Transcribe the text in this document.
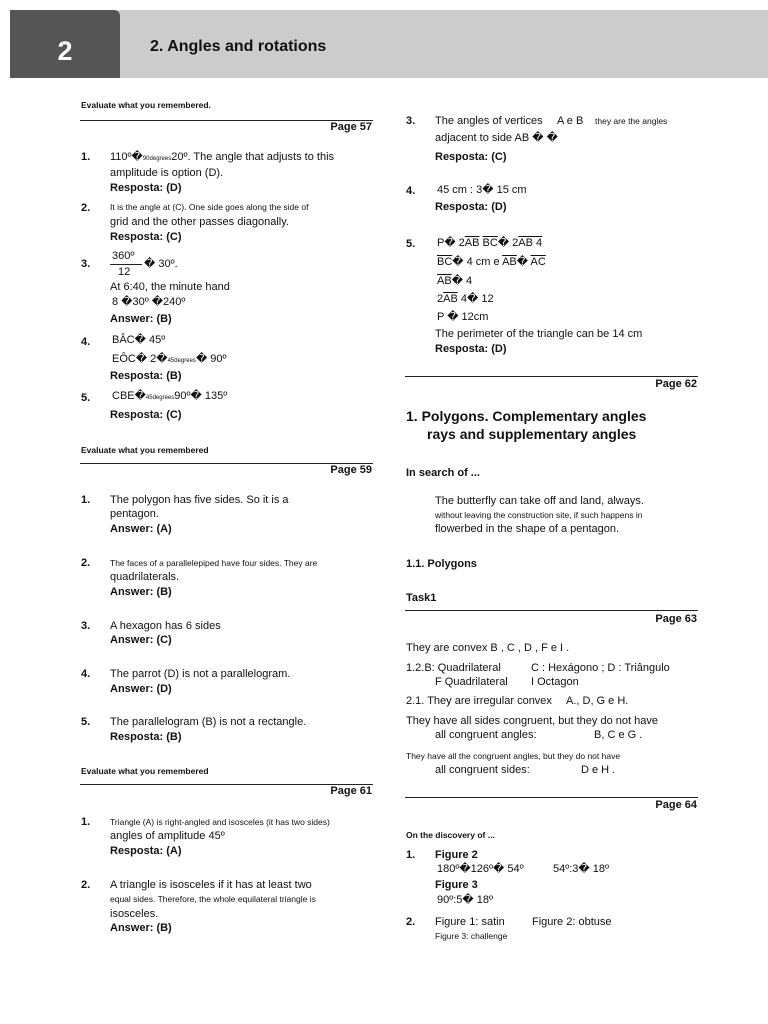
2	2. Angles and rotations
Evaluate what you remembered.
Page 57
1. 110º�90degrees20º. The angle that adjusts to this
amplitude is option (D).
Resposta: (D)
2. It is the angle at (C). One side goes along the side of
grid and the other passes diagonally.
Resposta: (C)
3.
360º
12
� 30º.
At 6:40, the minute hand
8 �30º �240º
Answer: (B)
4. BÂC� 45º
EÔC� 2�45degrees� 90º
Resposta: (B)
5. CBE�45degrees90º� 135º
Resposta: (C)
Evaluate what you remembered
Page 59
1. The polygon has five sides. So it is a
pentagon.
Answer: (A)
2. The faces of a parallelepiped have four sides. They are
quadrilaterals.
Answer: (B)
3. A hexagon has 6 sides
Answer: (C)
4. The parrot (D) is not a parallelogram.
Answer: (D)
5. The parallelogram (B) is not a rectangle.
Resposta: (B)
Evaluate what you remembered
Page 61
1. Triangle (A) is right-angled and isosceles (it has two sides)
angles of amplitude 45º
Resposta: (A)
2. A triangle is isosceles if it has at least two
equal sides. Therefore, the whole equilateral triangle is
isosceles.
Answer: (B)
3. The angles of vertices A e B they are the angles
adjacent to side AB � �
Resposta: (C)
4. 45 cm : 3� 15 cm
Resposta: (D)
5. P� $2\overline{AB}$ $\overline{BC}�$ 2AB 4
$\overline{BC}�$ 4 cm e $\overline{AB}�$ $\overline{AC}$
$\overline{AB}�$ 4
$2\overline{AB}$ 4� 12
P � 12cm
The perimeter of the triangle can be 14 cm
Resposta: (D)
Page 62
1. Polygons. Complementary angles
rays and supplementary angles
In search of ...
The butterfly can take off and land, always.
without leaving the construction site, if such happens in
flowerbed in the shape of a pentagon.
1.1. Polygons
Task1
Page 63
They are convex B , C , D , F e I .
1.2.B: Quadrilateral	C : Hexágono ; D : Triângulo
F Quadrilateral I Octagon
2.1. They are irregular convex A., D, G e H.
They have all sides congruent, but they do not have
all congruent angles:	B, C e G .
They have all the congruent angles, but they do not have
all congruent sides:	D e H .
Page 64
On the discovery of ...
1. Figure 2
180º�126º� 54º	54º:3� 18º
Figure 3
90º:5� 18º
2. Figure 1: satin Figure 2: obtuse
Figure 3: challenge
